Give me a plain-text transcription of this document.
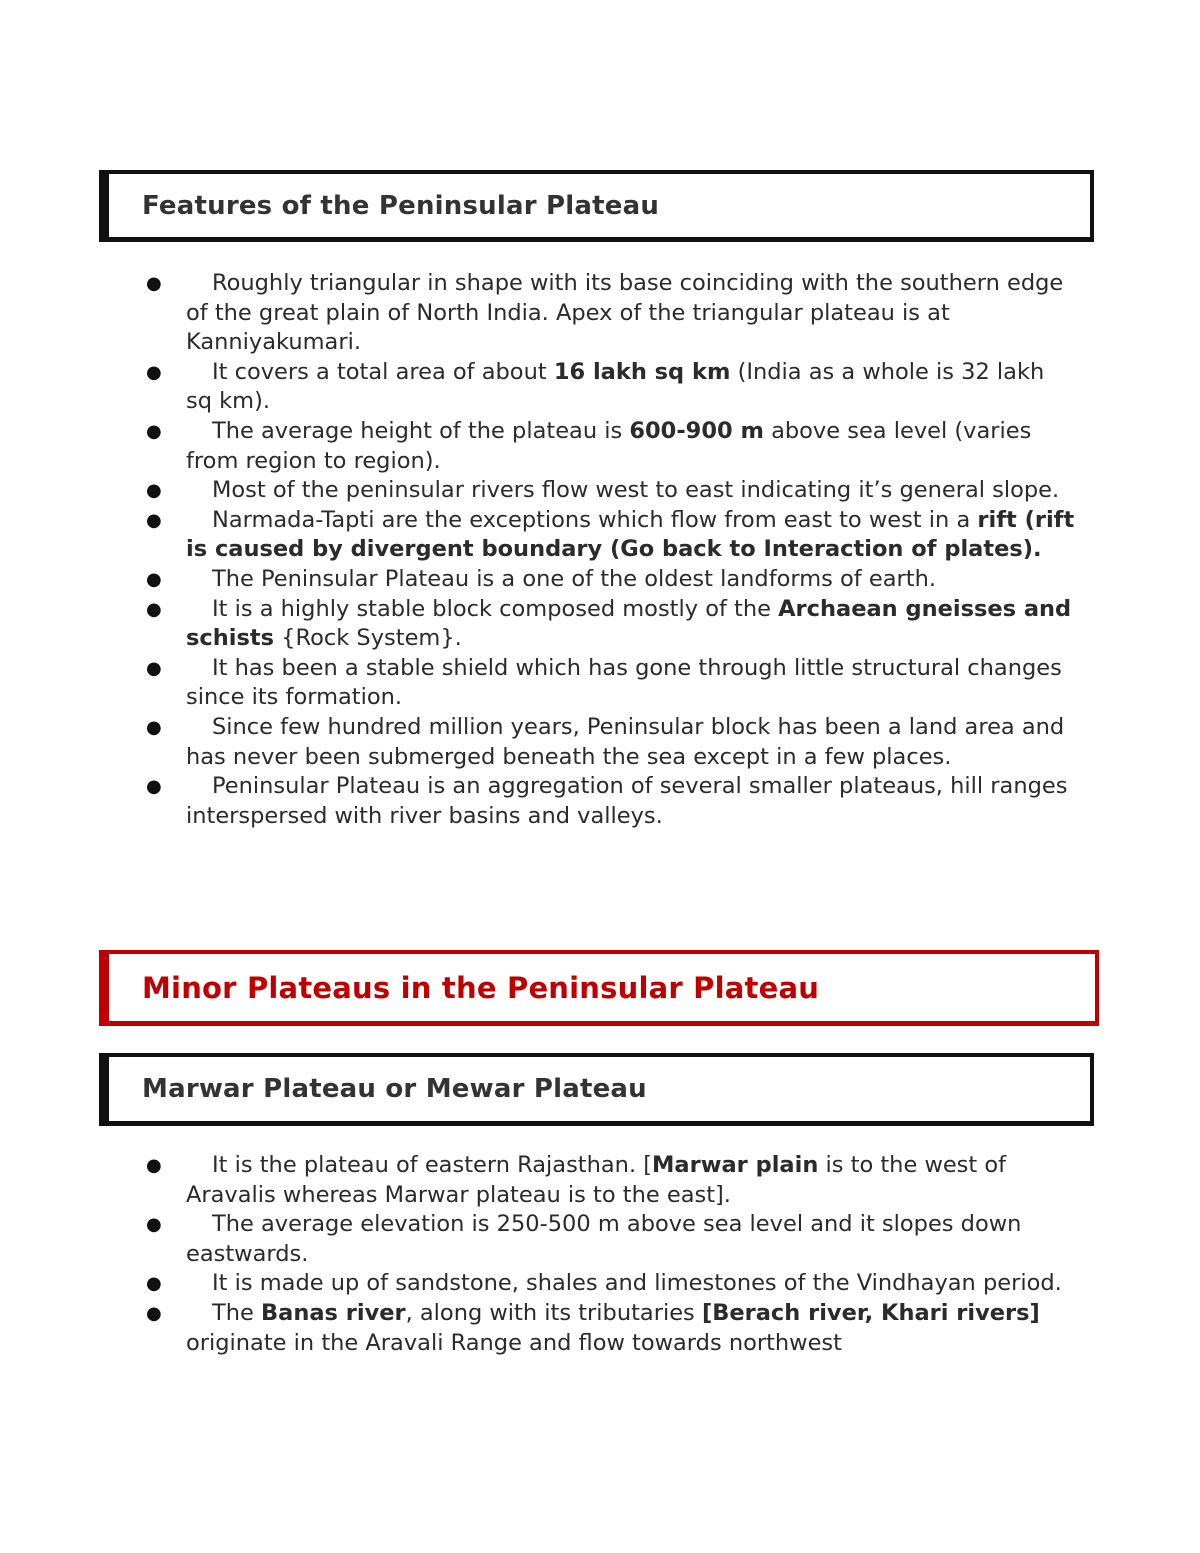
Features of the Peninsular Plateau
● Roughly triangular in shape with its base coinciding with the southern edge of the great plain of North India. Apex of the triangular plateau is at Kanniyakumari.
● It covers a total area of about 16 lakh sq km (India as a whole is 32 lakh sq km).
● The average height of the plateau is 600-900 m above sea level (varies from region to region).
● Most of the peninsular rivers flow west to east indicating it’s general slope.
● Narmada-Tapti are the exceptions which flow from east to west in a rift (rift is caused by divergent boundary (Go back to Interaction of plates).
● The Peninsular Plateau is a one of the oldest landforms of earth.
● It is a highly stable block composed mostly of the Archaean gneisses and schists {Rock System}.
● It has been a stable shield which has gone through little structural changes since its formation.
● Since few hundred million years, Peninsular block has been a land area and has never been submerged beneath the sea except in a few places.
● Peninsular Plateau is an aggregation of several smaller plateaus, hill ranges interspersed with river basins and valleys.
Minor Plateaus in the Peninsular Plateau
Marwar Plateau or Mewar Plateau
● It is the plateau of eastern Rajasthan. [Marwar plain is to the west of Aravalis whereas Marwar plateau is to the east].
● The average elevation is 250-500 m above sea level and it slopes down eastwards.
● It is made up of sandstone, shales and limestones of the Vindhayan period.
● The Banas river, along with its tributaries [Berach river, Khari rivers] originate in the Aravali Range and flow towards northwest
